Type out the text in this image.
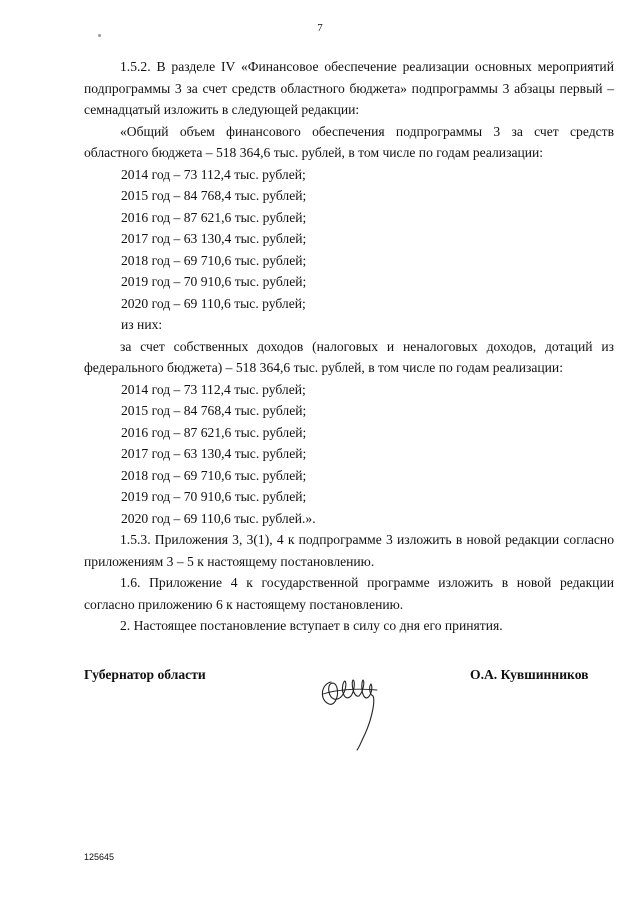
7

1.5.2. В разделе IV «Финансовое обеспечение реализации основных мероприятий подпрограммы 3 за счет средств областного бюджета» подпрограммы 3 абзацы первый – семнадцатый изложить в следующей редакции:

«Общий объем финансового обеспечения подпрограммы 3 за счет средств областного бюджета – 518 364,6 тыс. рублей, в том числе по годам реализации:

2014 год – 73 112,4 тыс. рублей;

2015 год – 84 768,4 тыс. рублей;

2016 год – 87 621,6 тыс. рублей;

2017 год – 63 130,4 тыс. рублей;

2018 год – 69 710,6 тыс. рублей;

2019 год – 70 910,6 тыс. рублей;

2020 год – 69 110,6 тыс. рублей;

из них:

за счет собственных доходов (налоговых и неналоговых доходов, дотаций из федерального бюджета) – 518 364,6 тыс. рублей, в том числе по годам реализации:

2014 год – 73 112,4 тыс. рублей;

2015 год – 84 768,4 тыс. рублей;

2016 год – 87 621,6 тыс. рублей;

2017 год – 63 130,4 тыс. рублей;

2018 год – 69 710,6 тыс. рублей;

2019 год – 70 910,6 тыс. рублей;

2020 год – 69 110,6 тыс. рублей.».

1.5.3. Приложения 3, 3(1), 4 к подпрограмме 3 изложить в новой редакции согласно приложениям 3 – 5 к настоящему постановлению.

1.6. Приложение 4 к государственной программе изложить в новой редакции согласно приложению 6 к настоящему постановлению.

2. Настоящее постановление вступает в силу со дня его принятия.

Губернатор области	О.А. Кувшинников
125645
